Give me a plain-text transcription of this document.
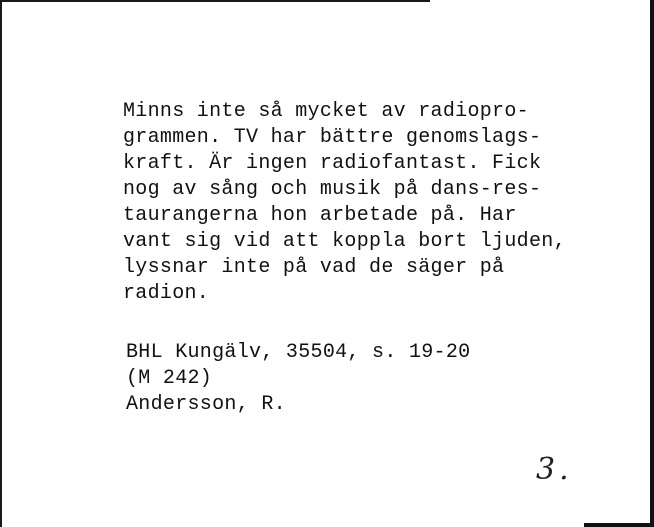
Minns inte så mycket av radiopro-
grammen. TV har bättre genomslags-
kraft. Är ingen radiofantast. Fick
nog av sång och musik på dans-res-
taurangerna hon arbetade på. Har
vant sig vid att koppla bort ljuden,
lyssnar inte på vad de säger på
radion.
BHL Kungälv, 35504, s. 19-20
(M 242)
Andersson, R.
3.
